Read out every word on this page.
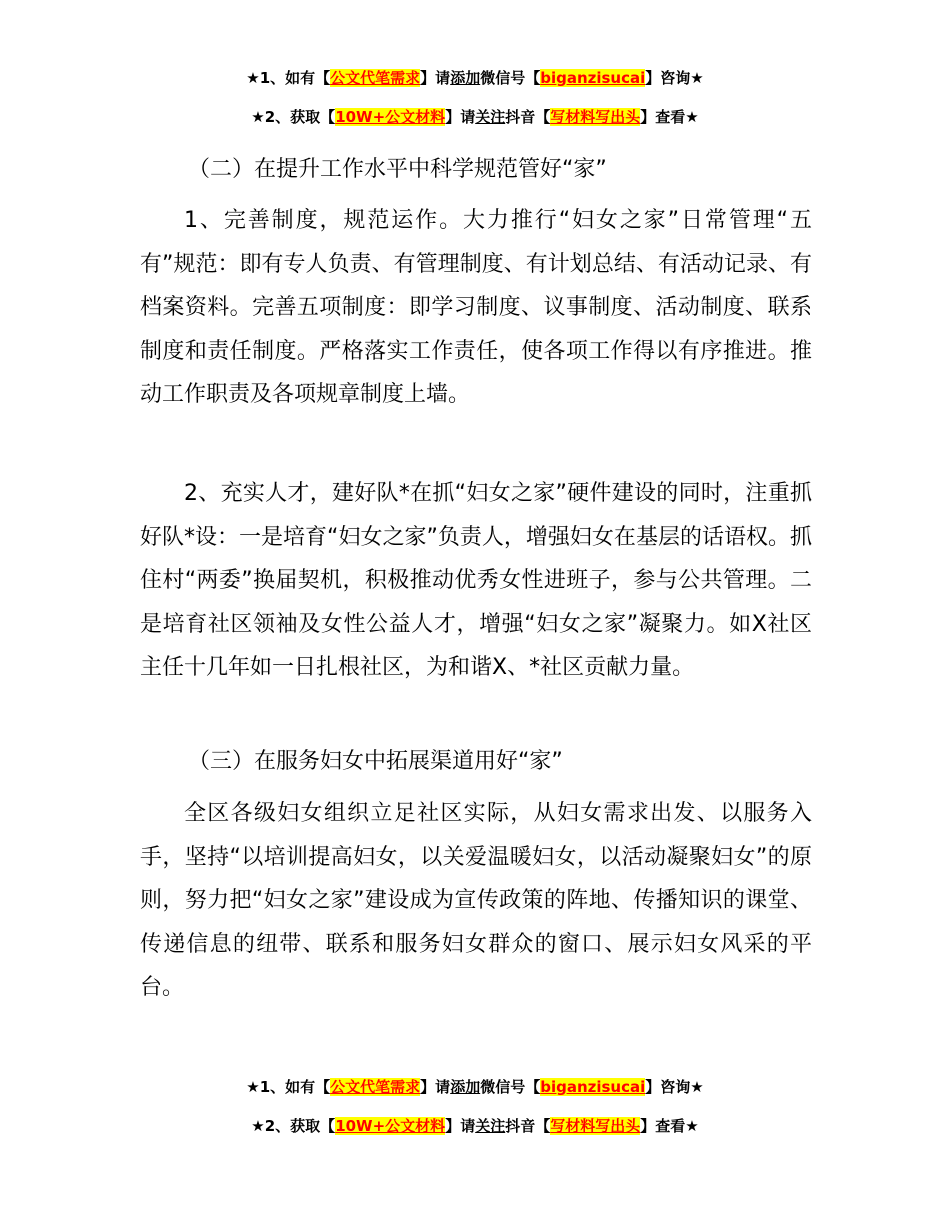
★1、如有【公文代笔需求】请添加微信号【biganzisucai】咨询★
★2、获取【10W+公文材料】请关注抖音【写材料写出头】查看★
（二）在提升工作水平中科学规范管好“家”
1、完善制度，规范运作。大力推行“妇女之家”日常管理“五有”规范：即有专人负责、有管理制度、有计划总结、有活动记录、有档案资料。完善五项制度：即学习制度、议事制度、活动制度、联系制度和责任制度。严格落实工作责任，使各项工作得以有序推进。推动工作职责及各项规章制度上墙。
2、充实人才，建好队*在抓“妇女之家”硬件建设的同时，注重抓好队*设：一是培育“妇女之家”负责人，增强妇女在基层的话语权。抓住村“两委”换届契机，积极推动优秀女性进班子，参与公共管理。二是培育社区领袖及女性公益人才，增强“妇女之家”凝聚力。如X社区主任十几年如一日扎根社区，为和谐X、*社区贡献力量。
（三）在服务妇女中拓展渠道用好“家”
全区各级妇女组织立足社区实际，从妇女需求出发、以服务入手，坚持“以培训提高妇女，以关爱温暖妇女，以活动凝聚妇女”的原则，努力把“妇女之家”建设成为宣传政策的阵地、传播知识的课堂、传递信息的纽带、联系和服务妇女群众的窗口、展示妇女风采的平台。
★1、如有【公文代笔需求】请添加微信号【biganzisucai】咨询★
★2、获取【10W+公文材料】请关注抖音【写材料写出头】查看★
